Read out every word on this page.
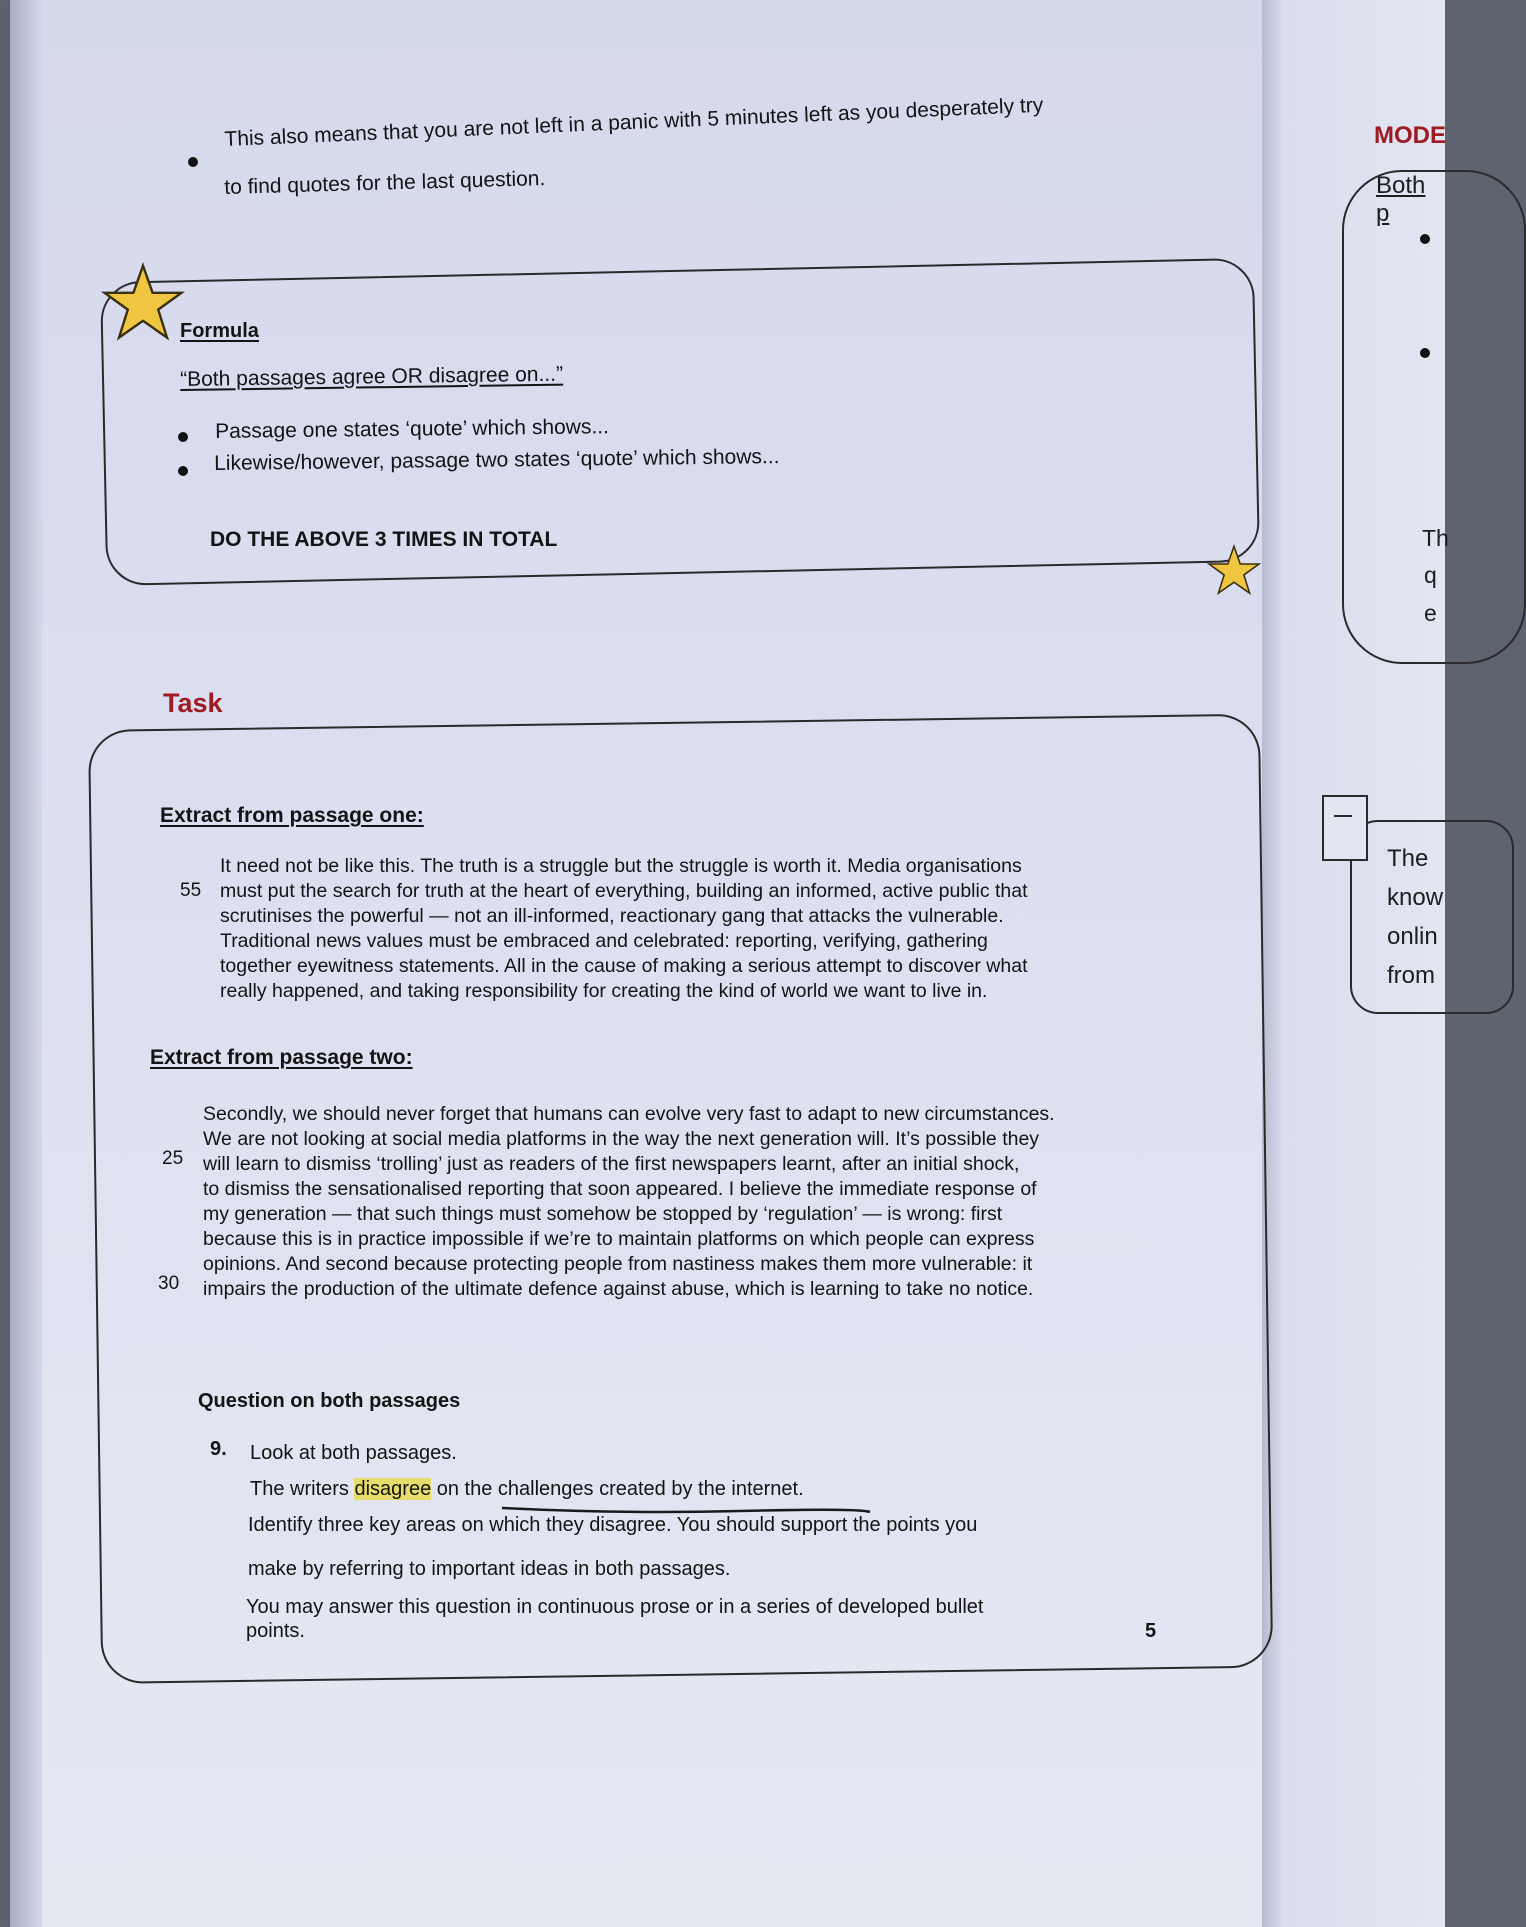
MODE
Both p
Th
q
e
The
know
onlin
from
This also means that you are not left in a panic with 5 minutes left as you desperately try
to find quotes for the last question.
Formula
“Both passages agree OR disagree on...”
Passage one states ‘quote’ which shows...
Likewise/however, passage two states ‘quote’ which shows...
DO THE ABOVE 3 TIMES IN TOTAL
Task
Extract from passage one:
55
It need not be like this. The truth is a struggle but the struggle is worth it. Media organisations
must put the search for truth at the heart of everything, building an informed, active public that
scrutinises the powerful — not an ill-informed, reactionary gang that attacks the vulnerable.
Traditional news values must be embraced and celebrated: reporting, verifying, gathering
together eyewitness statements. All in the cause of making a serious attempt to discover what
really happened, and taking responsibility for creating the kind of world we want to live in.
Extract from passage two:
25
30
Secondly, we should never forget that humans can evolve very fast to adapt to new circumstances.
We are not looking at social media platforms in the way the next generation will. It’s possible they
will learn to dismiss ‘trolling’ just as readers of the first newspapers learnt, after an initial shock,
to dismiss the sensationalised reporting that soon appeared. I believe the immediate response of
my generation — that such things must somehow be stopped by ‘regulation’ — is wrong: first
because this is in practice impossible if we’re to maintain platforms on which people can express
opinions. And second because protecting people from nastiness makes them more vulnerable: it
impairs the production of the ultimate defence against abuse, which is learning to take no notice.
Question on both passages
9. Look at both passages.
The writers disagree on the challenges created by the internet.
Identify three key areas on which they disagree. You should support the points you
make by referring to important ideas in both passages.
You may answer this question in continuous prose or in a series of developed bullet
points.	5
